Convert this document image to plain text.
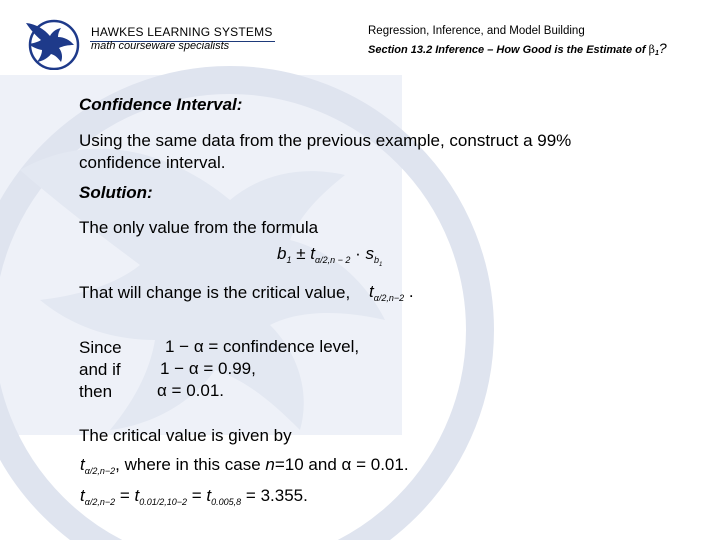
HAWKES LEARNING SYSTEMS
math courseware specialists
Regression, Inference, and Model Building
Section 13.2 Inference – How Good is the Estimate of β1?
Confidence Interval:
Using the same data from the previous example, construct a 99%
confidence interval.
Solution:
The only value from the formula
$b_1 \pm t_{\alpha/2,n - 2} \cdot s_{b_1}$
That will change is the critical value, $t_{\alpha/2,n-2}$ .
Since
and if
then
1 − α = confindence level,
1 − α = 0.99,
α = 0.01.
The critical value is given by
$t_{\alpha/2,n-2}$, where in this case n=10 and α = 0.01.
$t_{\alpha/2,n-2} = t_{0.01/2,10-2} = t_{0.005,8} = 3.355$.
